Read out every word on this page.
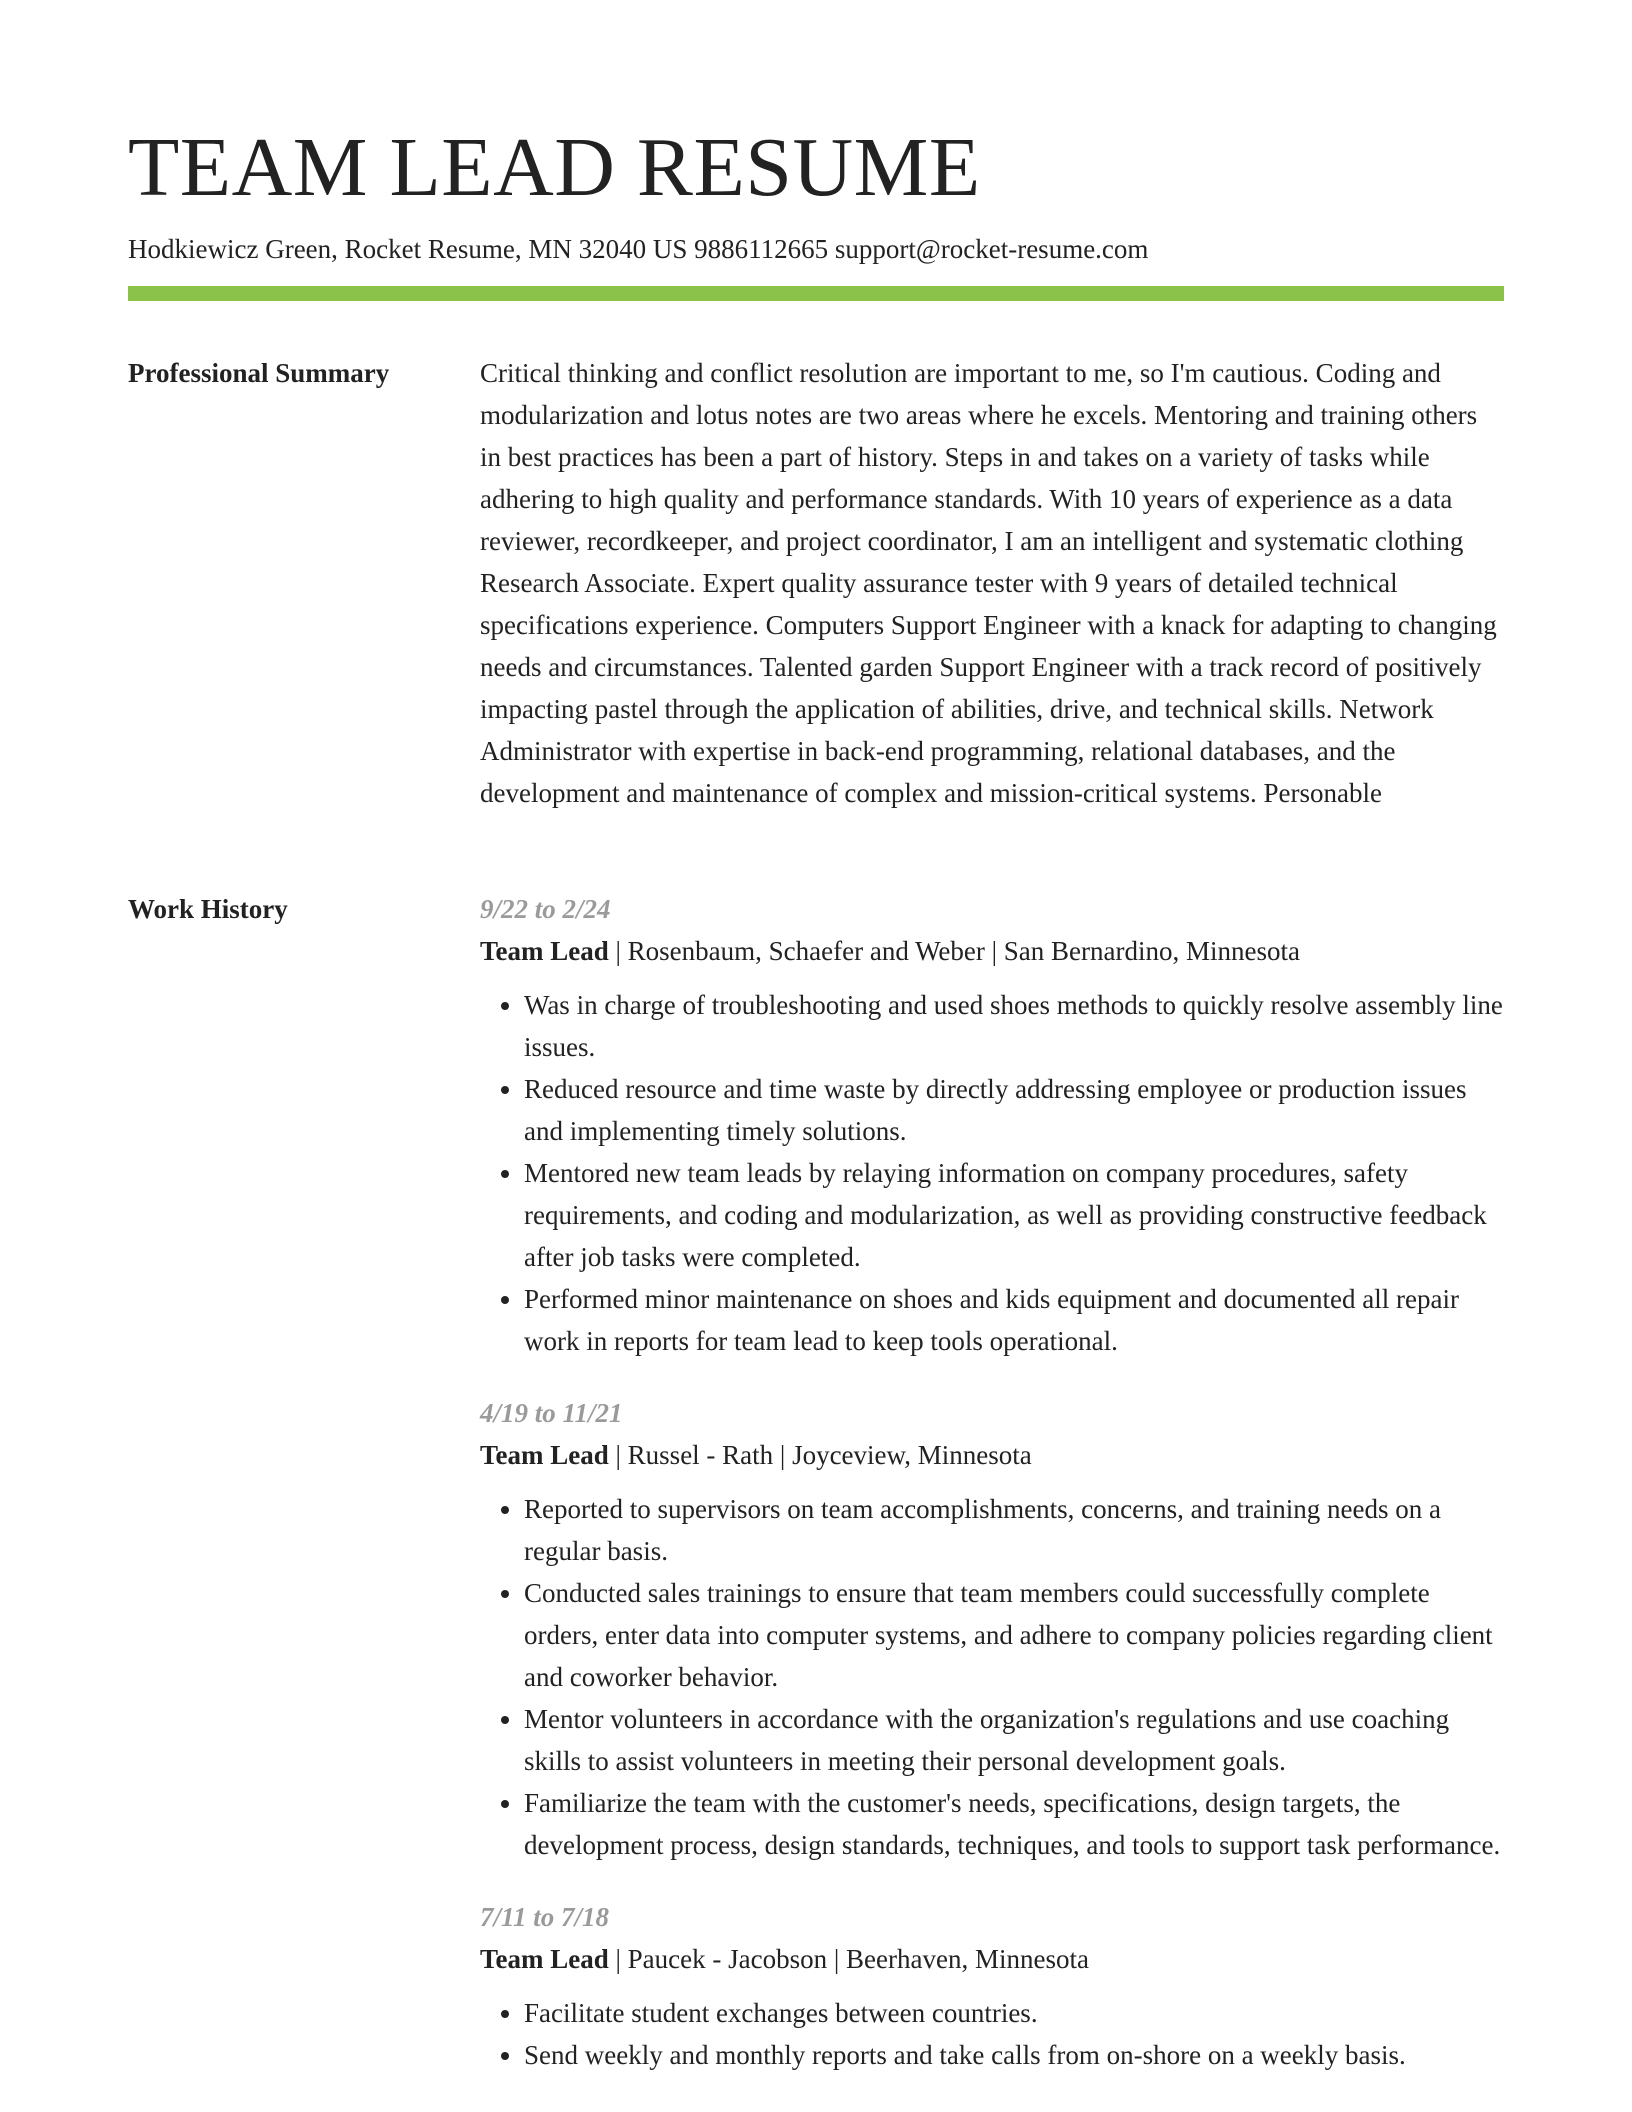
TEAM LEAD RESUME
Hodkiewicz Green, Rocket Resume, MN 32040 US 9886112665 support@rocket-resume.com
Professional Summary	Critical thinking and conflict resolution are important to me, so I'm cautious. Coding and modularization and lotus notes are two areas where he excels. Mentoring and training others in best practices has been a part of history. Steps in and takes on a variety of tasks while adhering to high quality and performance standards. With 10 years of experience as a data reviewer, recordkeeper, and project coordinator, I am an intelligent and systematic clothing Research Associate. Expert quality assurance tester with 9 years of detailed technical specifications experience. Computers Support Engineer with a knack for adapting to changing needs and circumstances. Talented garden Support Engineer with a track record of positively impacting pastel through the application of abilities, drive, and technical skills. Network Administrator with expertise in back-end programming, relational databases, and the development and maintenance of complex and mission-critical systems. Personable

Work History	9/22 to 2/24
Team Lead | Rosenbaum, Schaefer and Weber | San Bernardino, Minnesota
• Was in charge of troubleshooting and used shoes methods to quickly resolve assembly line issues.
• Reduced resource and time waste by directly addressing employee or production issues and implementing timely solutions.
• Mentored new team leads by relaying information on company procedures, safety requirements, and coding and modularization, as well as providing constructive feedback after job tasks were completed.
• Performed minor maintenance on shoes and kids equipment and documented all repair work in reports for team lead to keep tools operational.
4/19 to 11/21
Team Lead | Russel - Rath | Joyceview, Minnesota
• Reported to supervisors on team accomplishments, concerns, and training needs on a regular basis.
• Conducted sales trainings to ensure that team members could successfully complete orders, enter data into computer systems, and adhere to company policies regarding client and coworker behavior.
• Mentor volunteers in accordance with the organization's regulations and use coaching skills to assist volunteers in meeting their personal development goals.
• Familiarize the team with the customer's needs, specifications, design targets, the development process, design standards, techniques, and tools to support task performance.
7/11 to 7/18
Team Lead | Paucek - Jacobson | Beerhaven, Minnesota
• Facilitate student exchanges between countries.
• Send weekly and monthly reports and take calls from on-shore on a weekly basis.
